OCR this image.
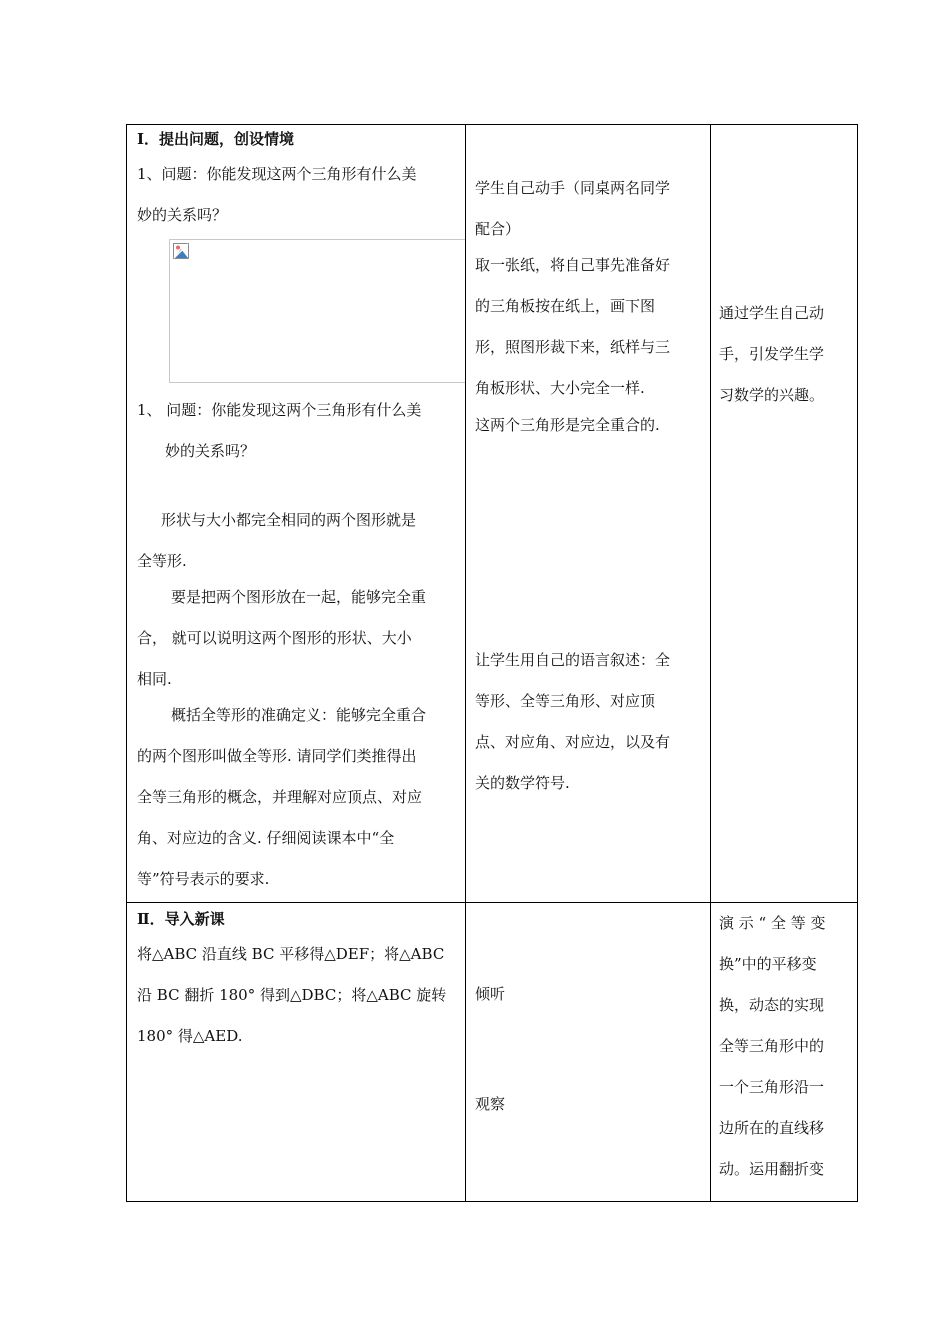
Ⅰ．提出问题，创设情境
1、问题：你能发现这两个三角形有什么美
妙的关系吗？
1、 问题：你能发现这两个三角形有什么美
妙的关系吗？
形状与大小都完全相同的两个图形就是
全等形.
要是把两个图形放在一起，能够完全重
合， 就可以说明这两个图形的形状、大小
相同.
概括全等形的准确定义：能够完全重合
的两个图形叫做全等形. 请同学们类推得出
全等三角形的概念，并理解对应顶点、对应
角、对应边的含义. 仔细阅读课本中“全
等”符号表示的要求.
学生自己动手（同桌两名同学
配合）
取一张纸，将自己事先准备好
的三角板按在纸上，画下图
形，照图形裁下来，纸样与三
角板形状、大小完全一样.
这两个三角形是完全重合的.
让学生用自己的语言叙述：全
等形、全等三角形、对应顶
点、对应角、对应边，以及有
关的数学符号.
通过学生自己动
手，引发学生学
习数学的兴趣。
Ⅱ．导入新课
将△ABC 沿直线 BC 平移得△DEF；将△ABC
沿 BC 翻折 180° 得到△DBC；将△ABC 旋转
180° 得△AED.
倾听
观察
演 示 “ 全 等 变
换”中的平移变
换，动态的实现
全等三角形中的
一个三角形沿一
边所在的直线移
动。运用翻折变
